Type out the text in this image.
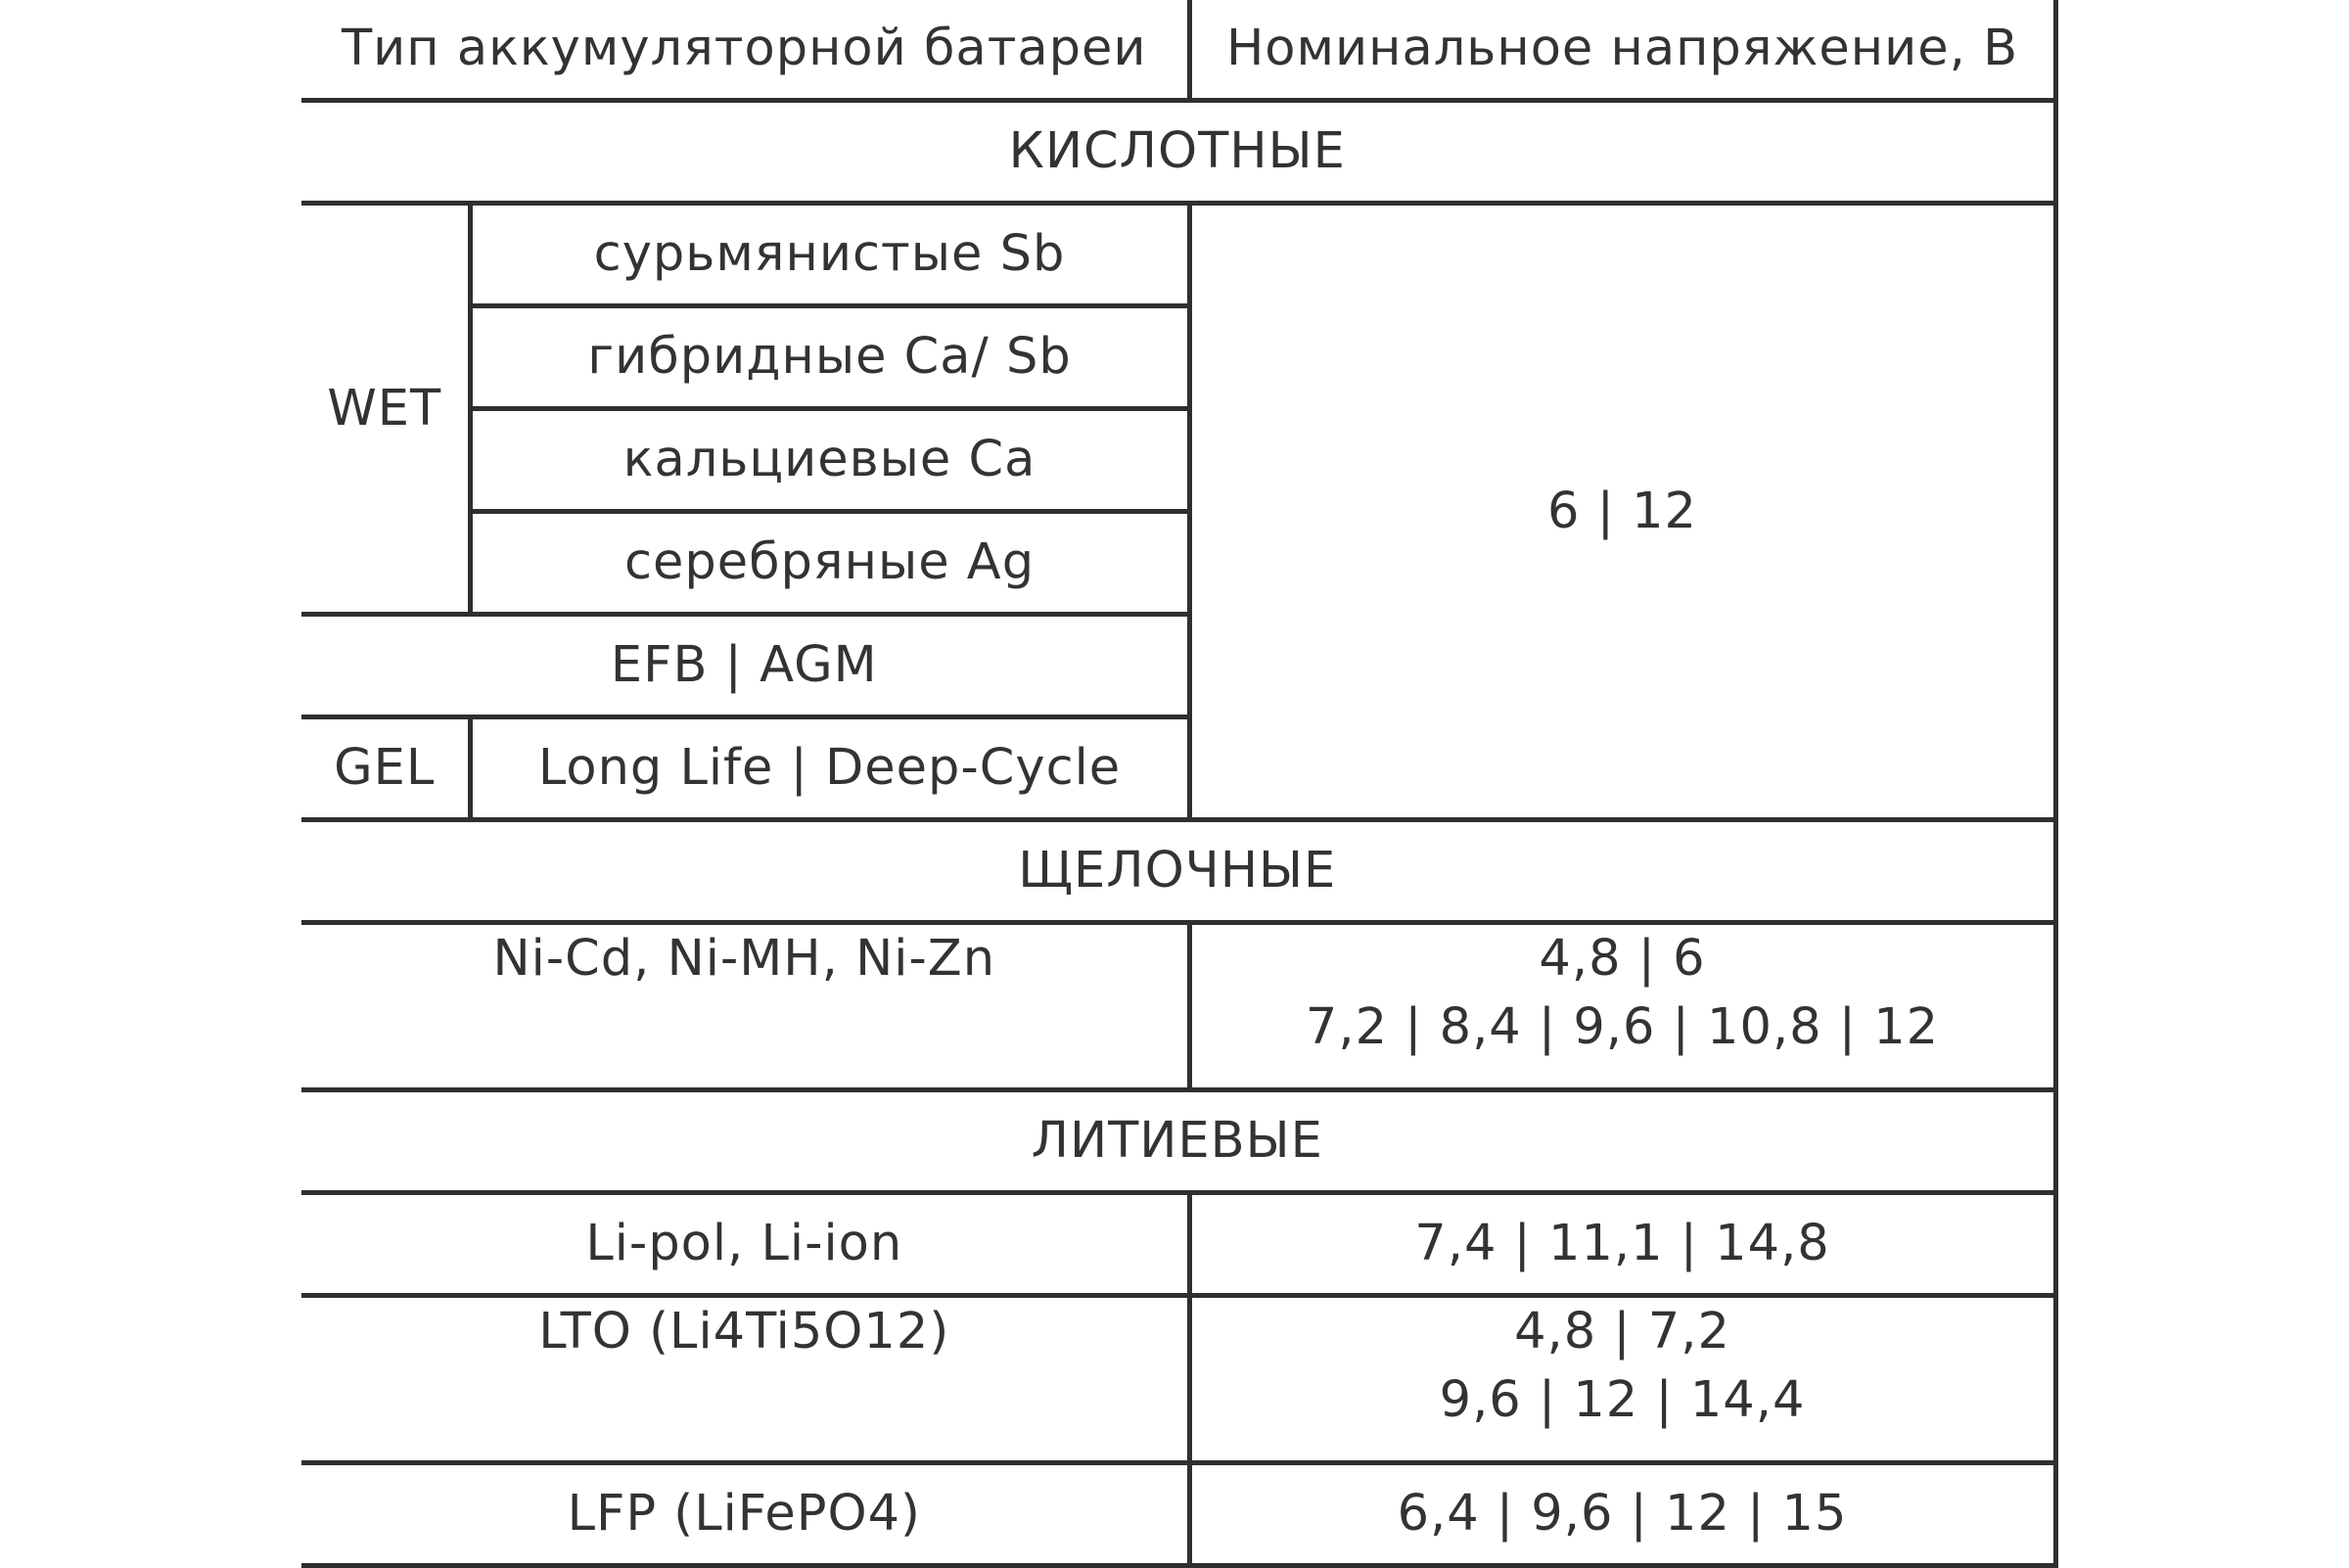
Тип аккумуляторной батареи		Номинальное напряжение, В
КИСЛОТНЫЕ		
WET	сурьмянистые Sb	6 | 12
	гибридные Ca/ Sb	
	кальциевые Ca	
	серебряные Ag	
EFB | AGM		
GEL	Long Life | Deep-Cycle	
ЩЕЛОЧНЫЕ		

Ni-Cd, Ni-MH, Ni-Zn		4,8 | 6
7,2 | 8,4 | 9,6 | 10,8 | 12

ЛИТИЕВЫЕ		
Li-pol, Li-ion		7,4 | 11,1 | 14,8

LTO (Li4Ti5O12)		4,8 | 7,2
9,6 | 12 | 14,4

LFP (LiFePO4)		6,4 | 9,6 | 12 | 15
